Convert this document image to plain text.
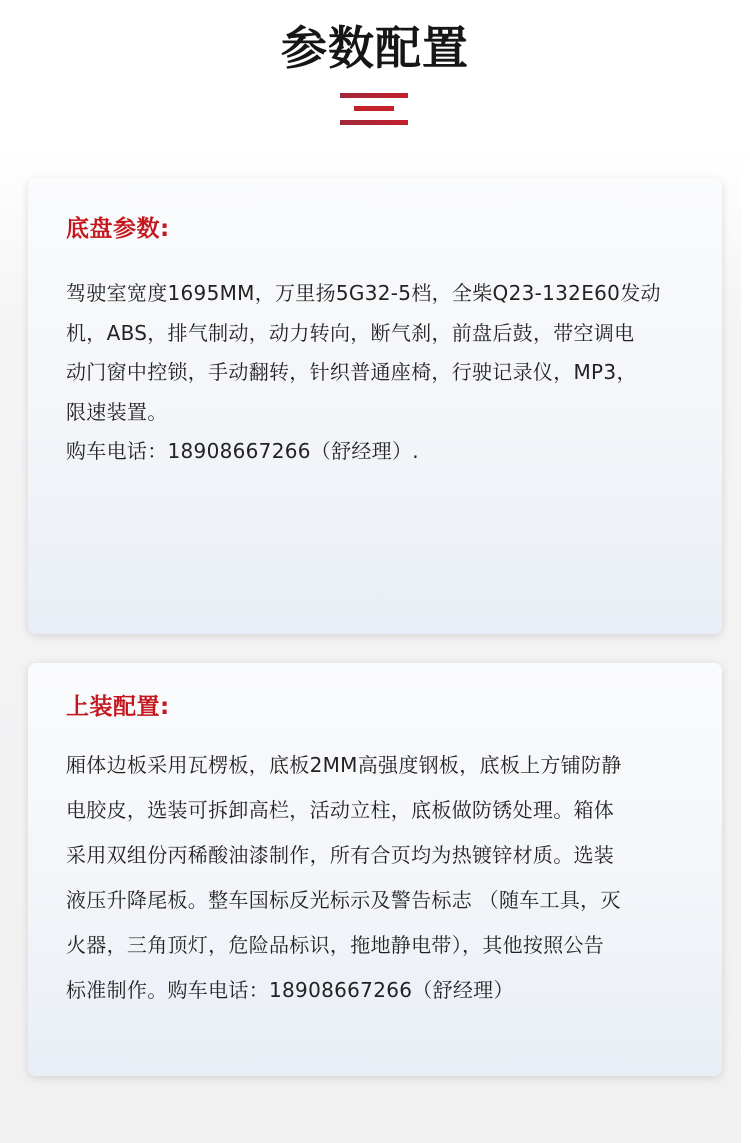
参数配置
底盘参数:

驾驶室宽度1695MM，万里扬5G32-5档，全柴Q23-132E60发动

机，ABS，排气制动，动力转向，断气刹，前盘后鼓，带空调电

动门窗中控锁，手动翻转，针织普通座椅，行驶记录仪，MP3，

限速装置。

购车电话：18908667266（舒经理）.

上装配置:

厢体边板采用瓦楞板，底板2MM高强度钢板，底板上方铺防静

电胶皮，选装可拆卸高栏，活动立柱，底板做防锈处理。箱体

采用双组份丙稀酸油漆制作，所有合页均为热镀锌材质。选装

液压升降尾板。整车国标反光标示及警告标志 （随车工具，灭

火器，三角顶灯，危险品标识，拖地静电带），其他按照公告

标准制作。购车电话：18908667266（舒经理）
